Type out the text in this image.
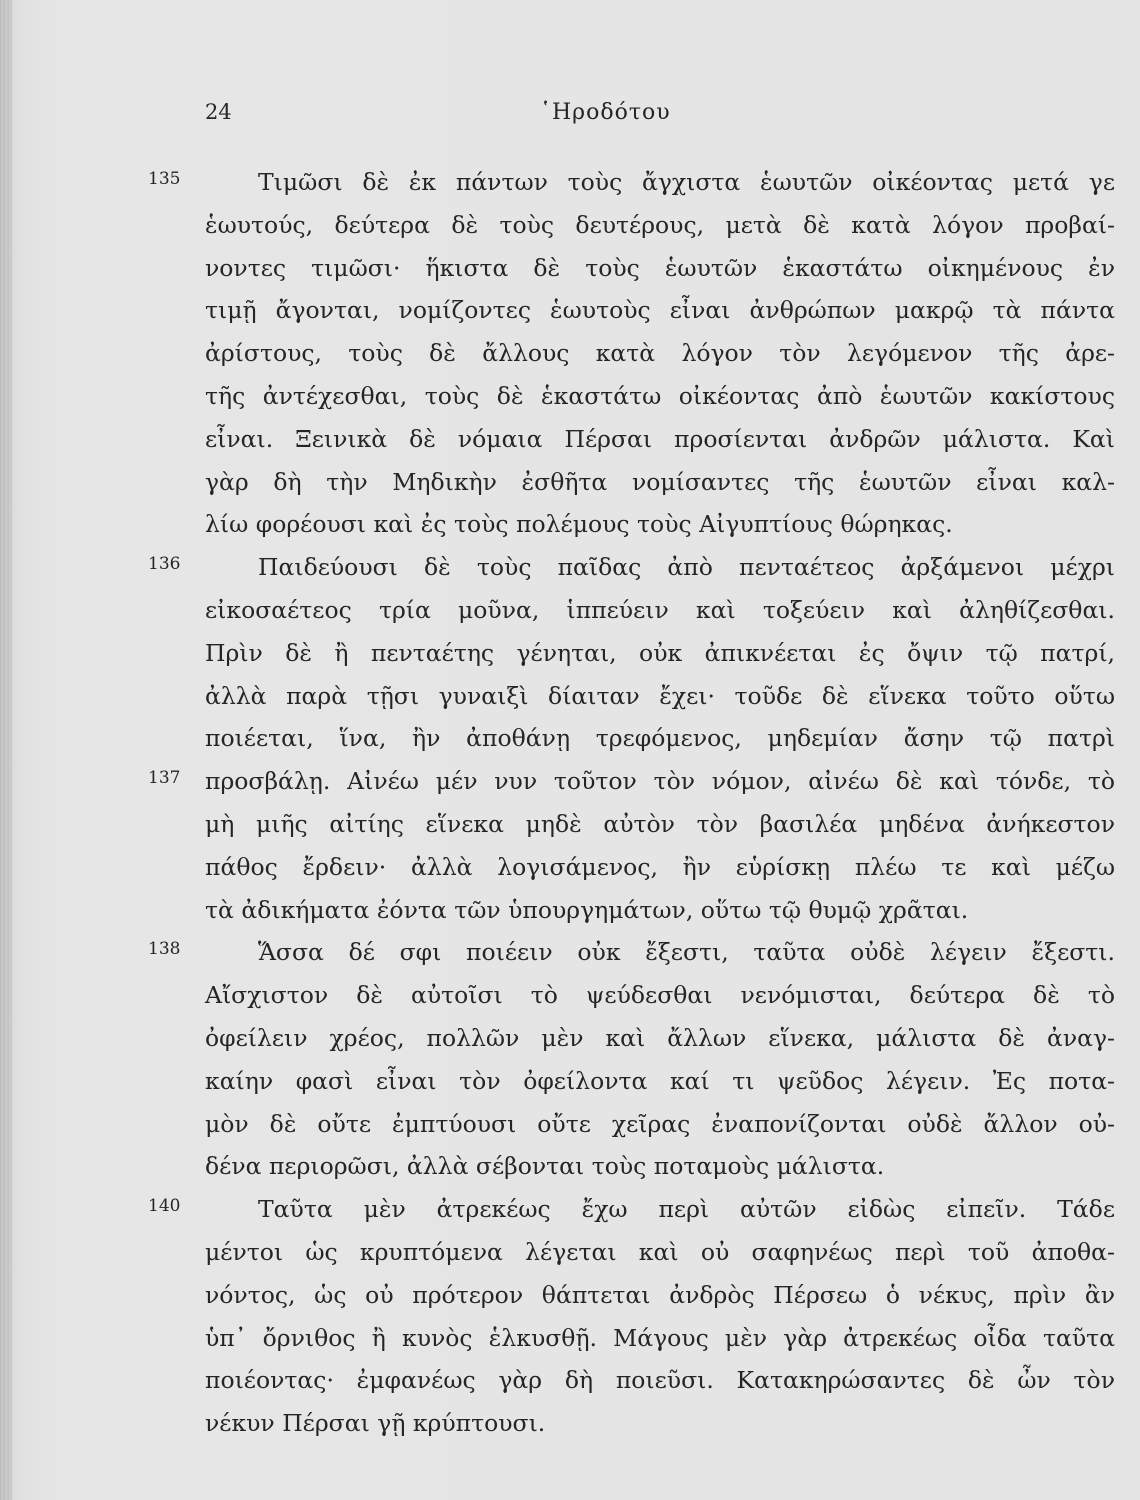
24	῾Ηροδότου
135	Τιμῶσι δὲ ἐκ πάντων τοὺς ἄγχιστα ἑωυτῶν οἰκέοντας μετά γε
ἑωυτούς, δεύτερα δὲ τοὺς δευτέρους, μετὰ δὲ κατὰ λόγον προβαί-
νοντες τιμῶσι· ἥκιστα δὲ τοὺς ἑωυτῶν ἑκαστάτω οἰκημένους ἐν
τιμῇ ἄγονται, νομίζοντες ἑωυτοὺς εἶναι ἀνθρώπων μακρῷ τὰ πάντα
ἀρίστους, τοὺς δὲ ἄλλους κατὰ λόγον τὸν λεγόμενον τῆς ἀρε-
τῆς ἀντέχεσθαι, τοὺς δὲ ἑκαστάτω οἰκέοντας ἀπὸ ἑωυτῶν κακίστους
εἶναι. Ξεινικὰ δὲ νόμαια Πέρσαι προσίενται ἀνδρῶν μάλιστα. Καὶ
γὰρ δὴ τὴν Μηδικὴν ἐσθῆτα νομίσαντες τῆς ἑωυτῶν εἶναι καλ-
λίω φορέουσι καὶ ἐς τοὺς πολέμους τοὺς Αἰγυπτίους θώρηκας.
136	Παιδεύουσι δὲ τοὺς παῖδας ἀπὸ πενταέτεος ἀρξάμενοι μέχρι
εἰκοσαέτεος τρία μοῦνα, ἱππεύειν καὶ τοξεύειν καὶ ἀληθίζεσθαι.
Πρὶν δὲ ἢ πενταέτης γένηται, οὐκ ἀπικνέεται ἐς ὄψιν τῷ πατρί,
ἀλλὰ παρὰ τῇσι γυναιξὶ δίαιταν ἔχει· τοῦδε δὲ εἵνεκα τοῦτο οὕτω
ποιέεται, ἵνα, ἢν ἀποθάνῃ τρεφόμενος, μηδεμίαν ἄσην τῷ πατρὶ
137 προσβάλῃ. Αἰνέω μέν νυν τοῦτον τὸν νόμον, αἰνέω δὲ καὶ τόνδε, τὸ
μὴ μιῆς αἰτίης εἵνεκα μηδὲ αὐτὸν τὸν βασιλέα μηδένα ἀνήκεστον
πάθος ἔρδειν· ἀλλὰ λογισάμενος, ἢν εὑρίσκῃ πλέω τε καὶ μέζω
τὰ ἀδικήματα ἐόντα τῶν ὑπουργημάτων, οὕτω τῷ θυμῷ χρᾶται.
138	Ἅσσα δέ σφι ποιέειν οὐκ ἔξεστι, ταῦτα οὐδὲ λέγειν ἔξεστι.
Αἴσχιστον δὲ αὐτοῖσι τὸ ψεύδεσθαι νενόμισται, δεύτερα δὲ τὸ
ὀφείλειν χρέος, πολλῶν μὲν καὶ ἄλλων εἵνεκα, μάλιστα δὲ ἀναγ-
καίην φασὶ εἶναι τὸν ὀφείλοντα καί τι ψεῦδος λέγειν. Ἐς ποτα-
μὸν δὲ οὔτε ἐμπτύουσι οὔτε χεῖρας ἐναπονίζονται οὐδὲ ἄλλον οὐ-
δένα περιορῶσι, ἀλλὰ σέβονται τοὺς ποταμοὺς μάλιστα.
140	Ταῦτα μὲν ἀτρεκέως ἔχω περὶ αὐτῶν εἰδὼς εἰπεῖν. Τάδε
μέντοι ὡς κρυπτόμενα λέγεται καὶ οὐ σαφηνέως περὶ τοῦ ἀποθα-
νόντος, ὡς οὐ πρότερον θάπτεται ἀνδρὸς Πέρσεω ὁ νέκυς, πρὶν ἂν
ὑπ᾽ ὄρνιθος ἢ κυνὸς ἑλκυσθῇ. Μάγους μὲν γὰρ ἀτρεκέως οἶδα ταῦτα
ποιέοντας· ἐμφανέως γὰρ δὴ ποιεῦσι. Κατακηρώσαντες δὲ ὦν τὸν
νέκυν Πέρσαι γῇ κρύπτουσι.
